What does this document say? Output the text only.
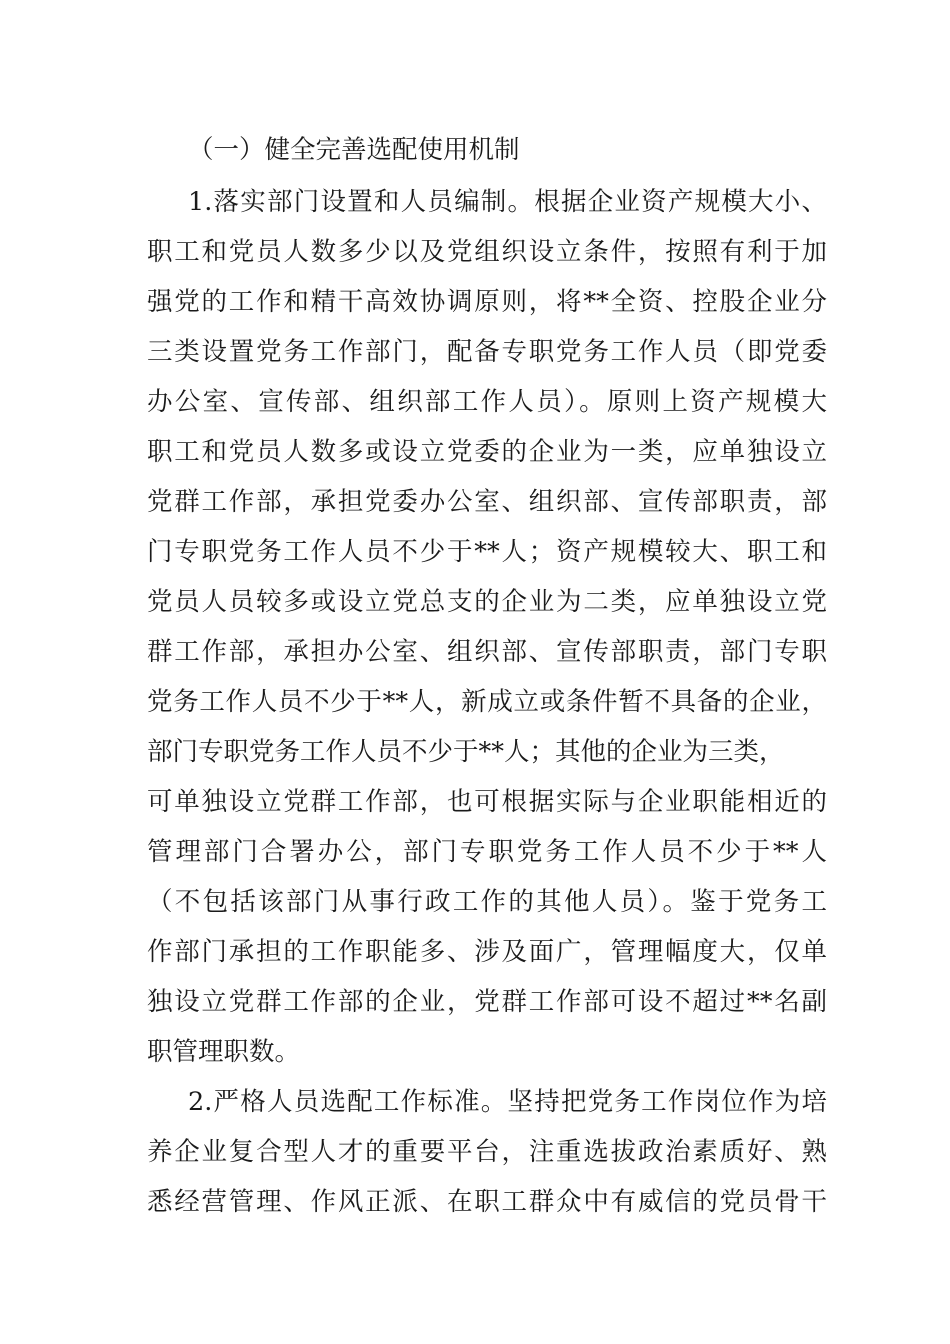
（一）健全完善选配使用机制

1.落实部门设置和人员编制。根据企业资产规模大小、

职工和党员人数多少以及党组织设立条件，按照有利于加

强党的工作和精干高效协调原则，将**全资、控股企业分

三类设置党务工作部门，配备专职党务工作人员（即党委

办公室、宣传部、组织部工作人员）。原则上资产规模大

职工和党员人数多或设立党委的企业为一类，应单独设立

党群工作部，承担党委办公室、组织部、宣传部职责，部

门专职党务工作人员不少于**人；资产规模较大、职工和

党员人员较多或设立党总支的企业为二类，应单独设立党

群工作部，承担办公室、组织部、宣传部职责，部门专职

党务工作人员不少于**人，新成立或条件暂不具备的企业，

部门专职党务工作人员不少于**人；其他的企业为三类，

可单独设立党群工作部，也可根据实际与企业职能相近的

管理部门合署办公，部门专职党务工作人员不少于**人

（不包括该部门从事行政工作的其他人员）。鉴于党务工

作部门承担的工作职能多、涉及面广，管理幅度大，仅单

独设立党群工作部的企业，党群工作部可设不超过**名副

职管理职数。

2.严格人员选配工作标准。坚持把党务工作岗位作为培

养企业复合型人才的重要平台，注重选拔政治素质好、熟

悉经营管理、作风正派、在职工群众中有威信的党员骨干
